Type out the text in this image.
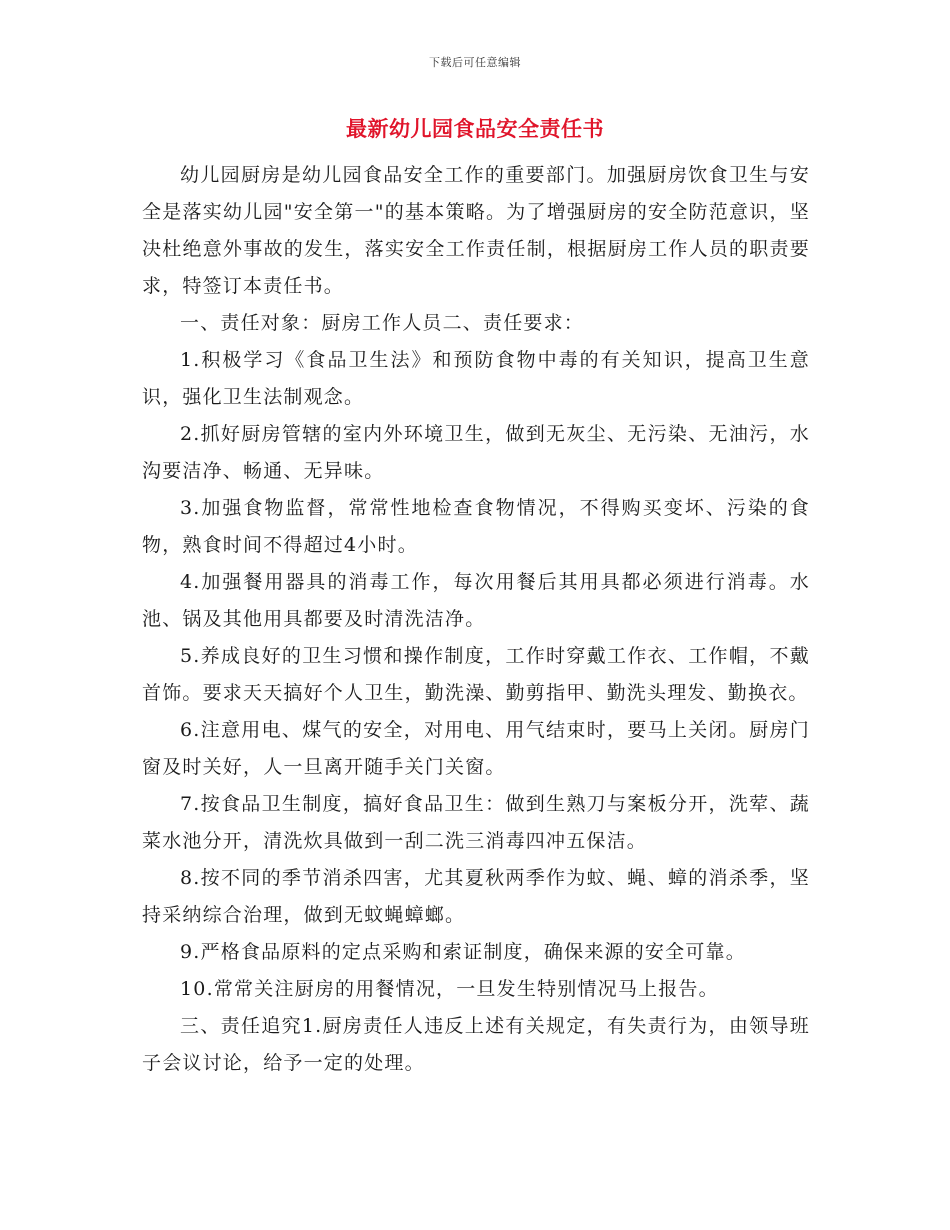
下载后可任意编辑
最新幼儿园食品安全责任书

幼儿园厨房是幼儿园食品安全工作的重要部门。加强厨房饮食卫生与安全是落实幼儿园"安全第一"的基本策略。为了增强厨房的安全防范意识，坚决杜绝意外事故的发生，落实安全工作责任制，根据厨房工作人员的职责要求，特签订本责任书。

一、责任对象：厨房工作人员二、责任要求：

1.积极学习《食品卫生法》和预防食物中毒的有关知识，提高卫生意识，强化卫生法制观念。

2.抓好厨房管辖的室内外环境卫生，做到无灰尘、无污染、无油污，水沟要洁净、畅通、无异味。

3.加强食物监督，常常性地检查食物情况，不得购买变坏、污染的食物，熟食时间不得超过4小时。

4.加强餐用器具的消毒工作，每次用餐后其用具都必须进行消毒。水池、锅及其他用具都要及时清洗洁净。

5.养成良好的卫生习惯和操作制度，工作时穿戴工作衣、工作帽，不戴首饰。要求天天搞好个人卫生，勤洗澡、勤剪指甲、勤洗头理发、勤换衣。

6.注意用电、煤气的安全，对用电、用气结束时，要马上关闭。厨房门窗及时关好，人一旦离开随手关门关窗。

7.按食品卫生制度，搞好食品卫生：做到生熟刀与案板分开，洗荤、蔬菜水池分开，清洗炊具做到一刮二洗三消毒四冲五保洁。

8.按不同的季节消杀四害，尤其夏秋两季作为蚊、蝇、蟑的消杀季，坚持采纳综合治理，做到无蚊蝇蟑螂。

9.严格食品原料的定点采购和索证制度，确保来源的安全可靠。

10.常常关注厨房的用餐情况，一旦发生特别情况马上报告。

三、责任追究1.厨房责任人违反上述有关规定，有失责行为，由领导班子会议讨论，给予一定的处理。
